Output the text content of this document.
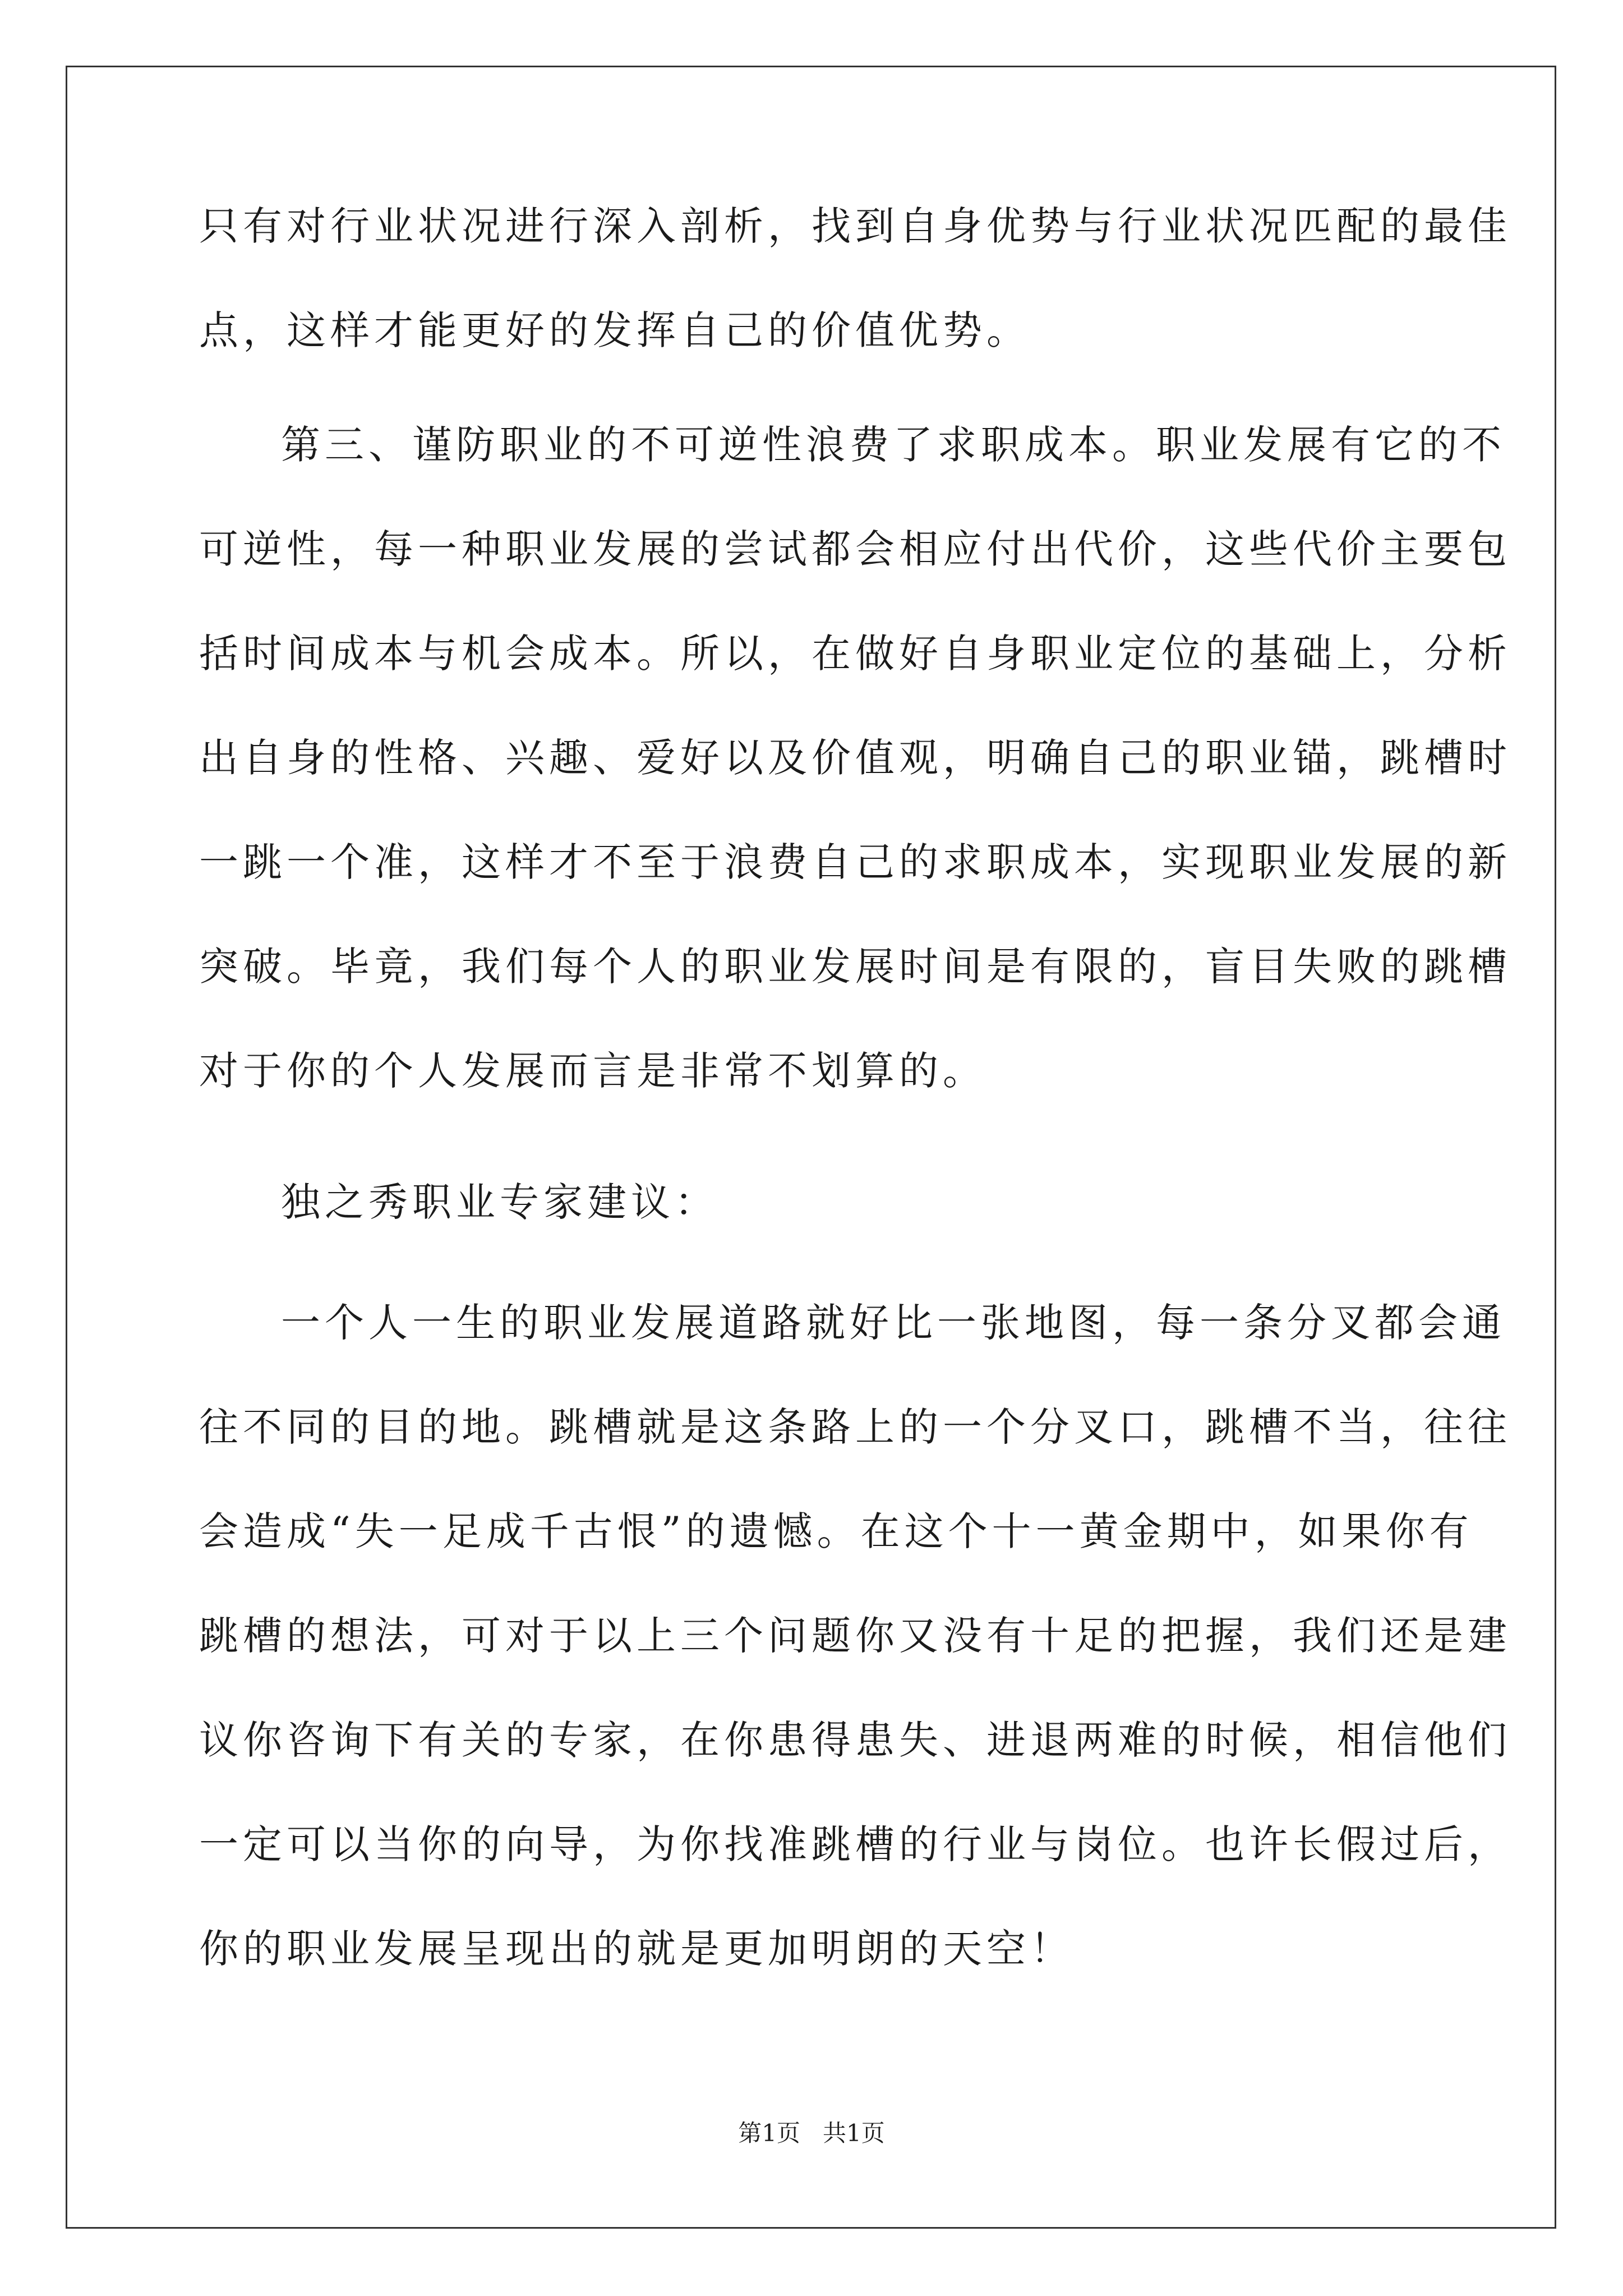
只有对行业状况进行深入剖析，找到自身优势与行业状况匹配的最佳
点，这样才能更好的发挥自己的价值优势。
第三、谨防职业的不可逆性浪费了求职成本。职业发展有它的不
可逆性，每一种职业发展的尝试都会相应付出代价，这些代价主要包
括时间成本与机会成本。所以，在做好自身职业定位的基础上，分析
出自身的性格、兴趣、爱好以及价值观，明确自己的职业锚，跳槽时
一跳一个准，这样才不至于浪费自己的求职成本，实现职业发展的新
突破。毕竟，我们每个人的职业发展时间是有限的，盲目失败的跳槽
对于你的个人发展而言是非常不划算的。
独之秀职业专家建议：
一个人一生的职业发展道路就好比一张地图，每一条分叉都会通
往不同的目的地。跳槽就是这条路上的一个分叉口，跳槽不当，往往
会造成“失一足成千古恨”的遗憾。在这个十一黄金期中，如果你有
跳槽的想法，可对于以上三个问题你又没有十足的把握，我们还是建
议你咨询下有关的专家，在你患得患失、进退两难的时候，相信他们
一定可以当你的向导，为你找准跳槽的行业与岗位。也许长假过后，
你的职业发展呈现出的就是更加明朗的天空！
第1页   共1页
